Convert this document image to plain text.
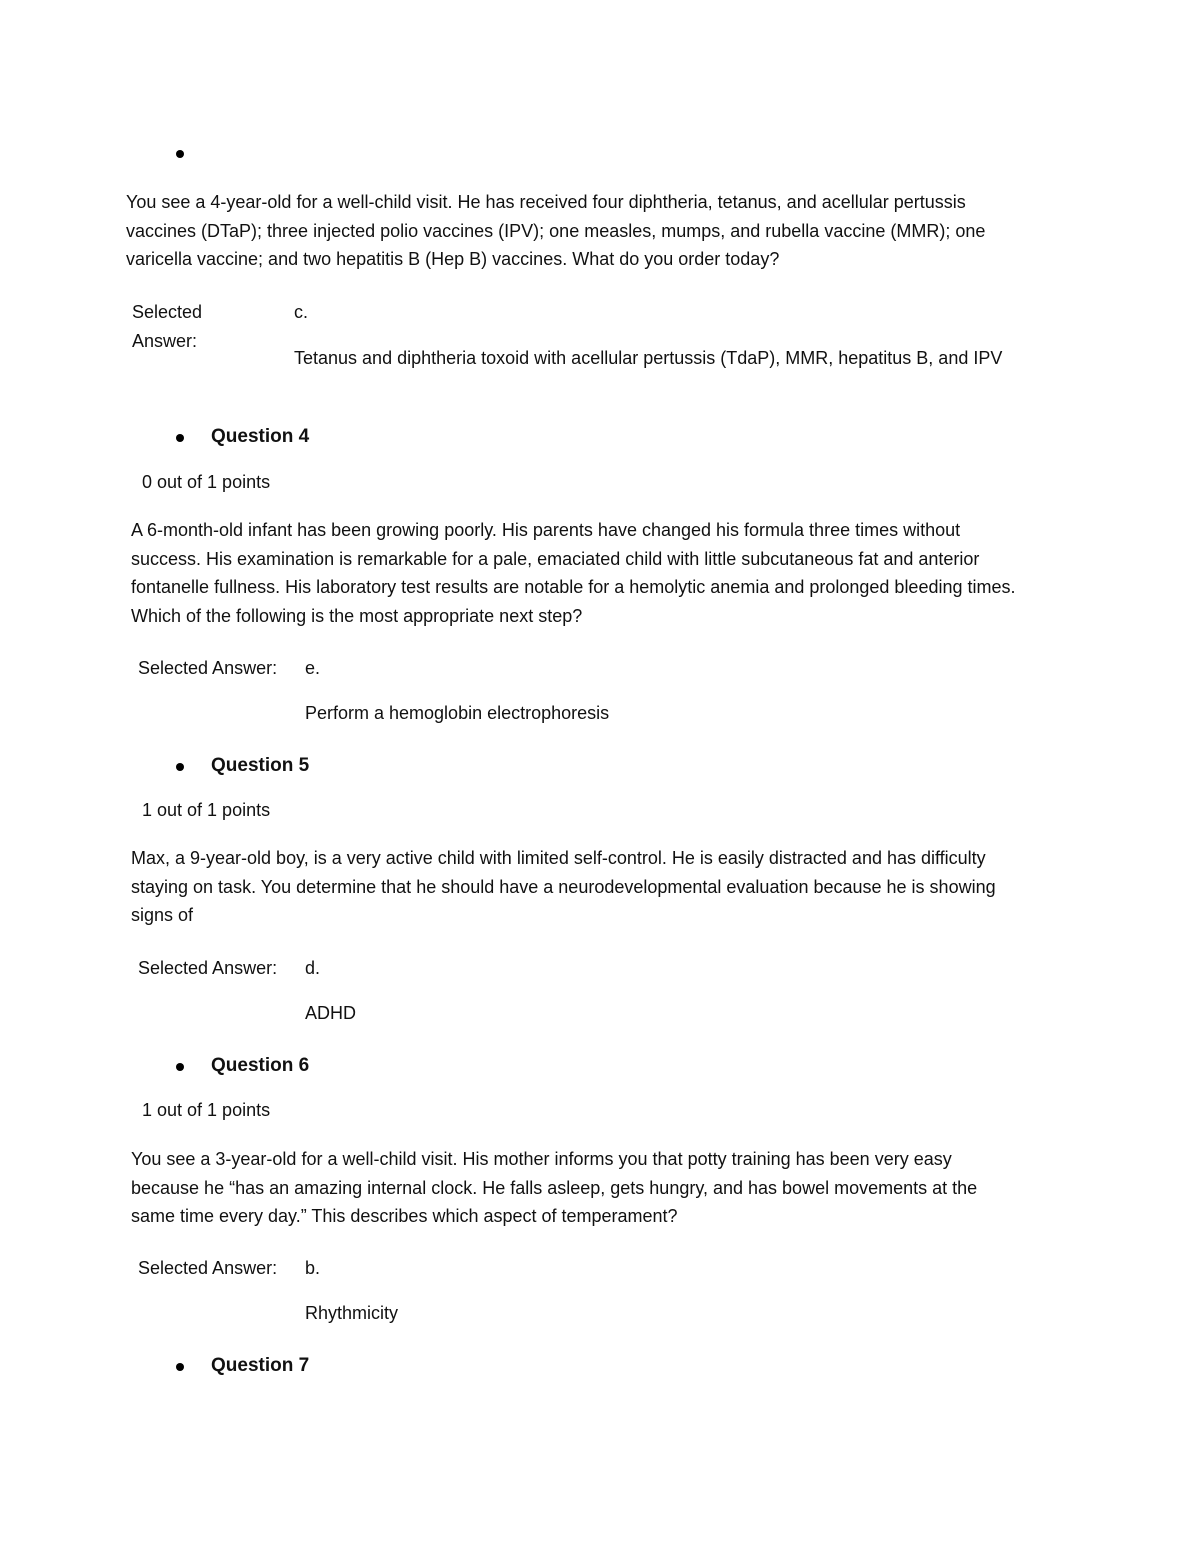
You see a 4-year-old for a well-child visit. He has received four diphtheria, tetanus, and acellular pertussis vaccines (DTaP); three injected polio vaccines (IPV); one measles, mumps, and rubella vaccine (MMR); one varicella vaccine; and two hepatitis B (Hep B) vaccines. What do you order today?
Selected
Answer:
c.
Tetanus and diphtheria toxoid with acellular pertussis (TdaP), MMR, hepatitus B, and IPV
Question 4
0 out of 1 points
A 6-month-old infant has been growing poorly. His parents have changed his formula three times without success. His examination is remarkable for a pale, emaciated child with little subcutaneous fat and anterior fontanelle fullness. His laboratory test results are notable for a hemolytic anemia and prolonged bleeding times. Which of the following is the most appropriate next step?
Selected Answer: e.
Perform a hemoglobin electrophoresis
Question 5
1 out of 1 points
Max, a 9-year-old boy, is a very active child with limited self-control. He is easily distracted and has difficulty staying on task. You determine that he should have a neurodevelopmental evaluation because he is showing signs of
Selected Answer: d.
ADHD
Question 6
1 out of 1 points
You see a 3-year-old for a well-child visit. His mother informs you that potty training has been very easy because he “has an amazing internal clock. He falls asleep, gets hungry, and has bowel movements at the same time every day.” This describes which aspect of temperament?
Selected Answer: b.
Rhythmicity
Question 7
